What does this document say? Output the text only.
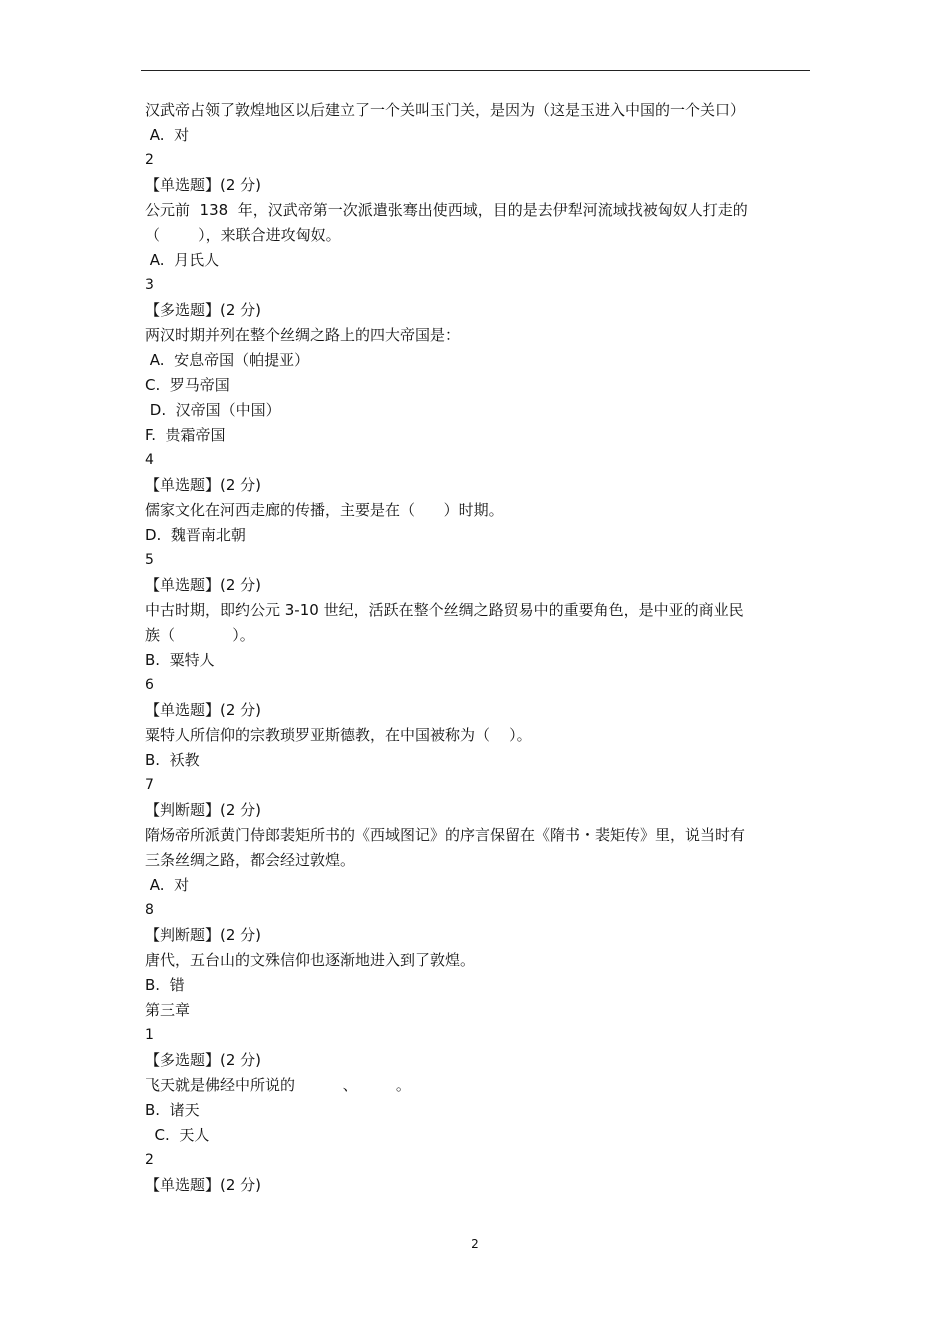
汉武帝占领了敦煌地区以后建立了一个关叫玉门关，是因为（这是玉进入中国的一个关口）
A.  对
2
【单选题】(2 分)
公元前  138  年，汉武帝第一次派遣张骞出使西域，目的是去伊犁河流域找被匈奴人打走的
（        ），来联合进攻匈奴。
A.  月氏人
3
【多选题】(2 分)
两汉时期并列在整个丝绸之路上的四大帝国是：
A.  安息帝国（帕提亚）
C.  罗马帝国
D.  汉帝国（中国）
F.  贵霜帝国
4
【单选题】(2 分)
儒家文化在河西走廊的传播，主要是在（      ）时期。
D.  魏晋南北朝
5
【单选题】(2 分)
中古时期，即约公元 3-10 世纪，活跃在整个丝绸之路贸易中的重要角色，是中亚的商业民
族（            ）。
B.  粟特人
6
【单选题】(2 分)
粟特人所信仰的宗教琐罗亚斯德教，在中国被称为（    ）。
B.  袄教
7
【判断题】(2 分)
隋炀帝所派黄门侍郎裴矩所书的《西域图记》的序言保留在《隋书・裴矩传》里，说当时有
三条丝绸之路，都会经过敦煌。
A.  对
8
【判断题】(2 分)
唐代，五台山的文殊信仰也逐渐地进入到了敦煌。
B.  错
第三章
1
【多选题】(2 分)
飞天就是佛经中所说的          、        。
B.  诸天
C.  天人
2
【单选题】(2 分)
2
